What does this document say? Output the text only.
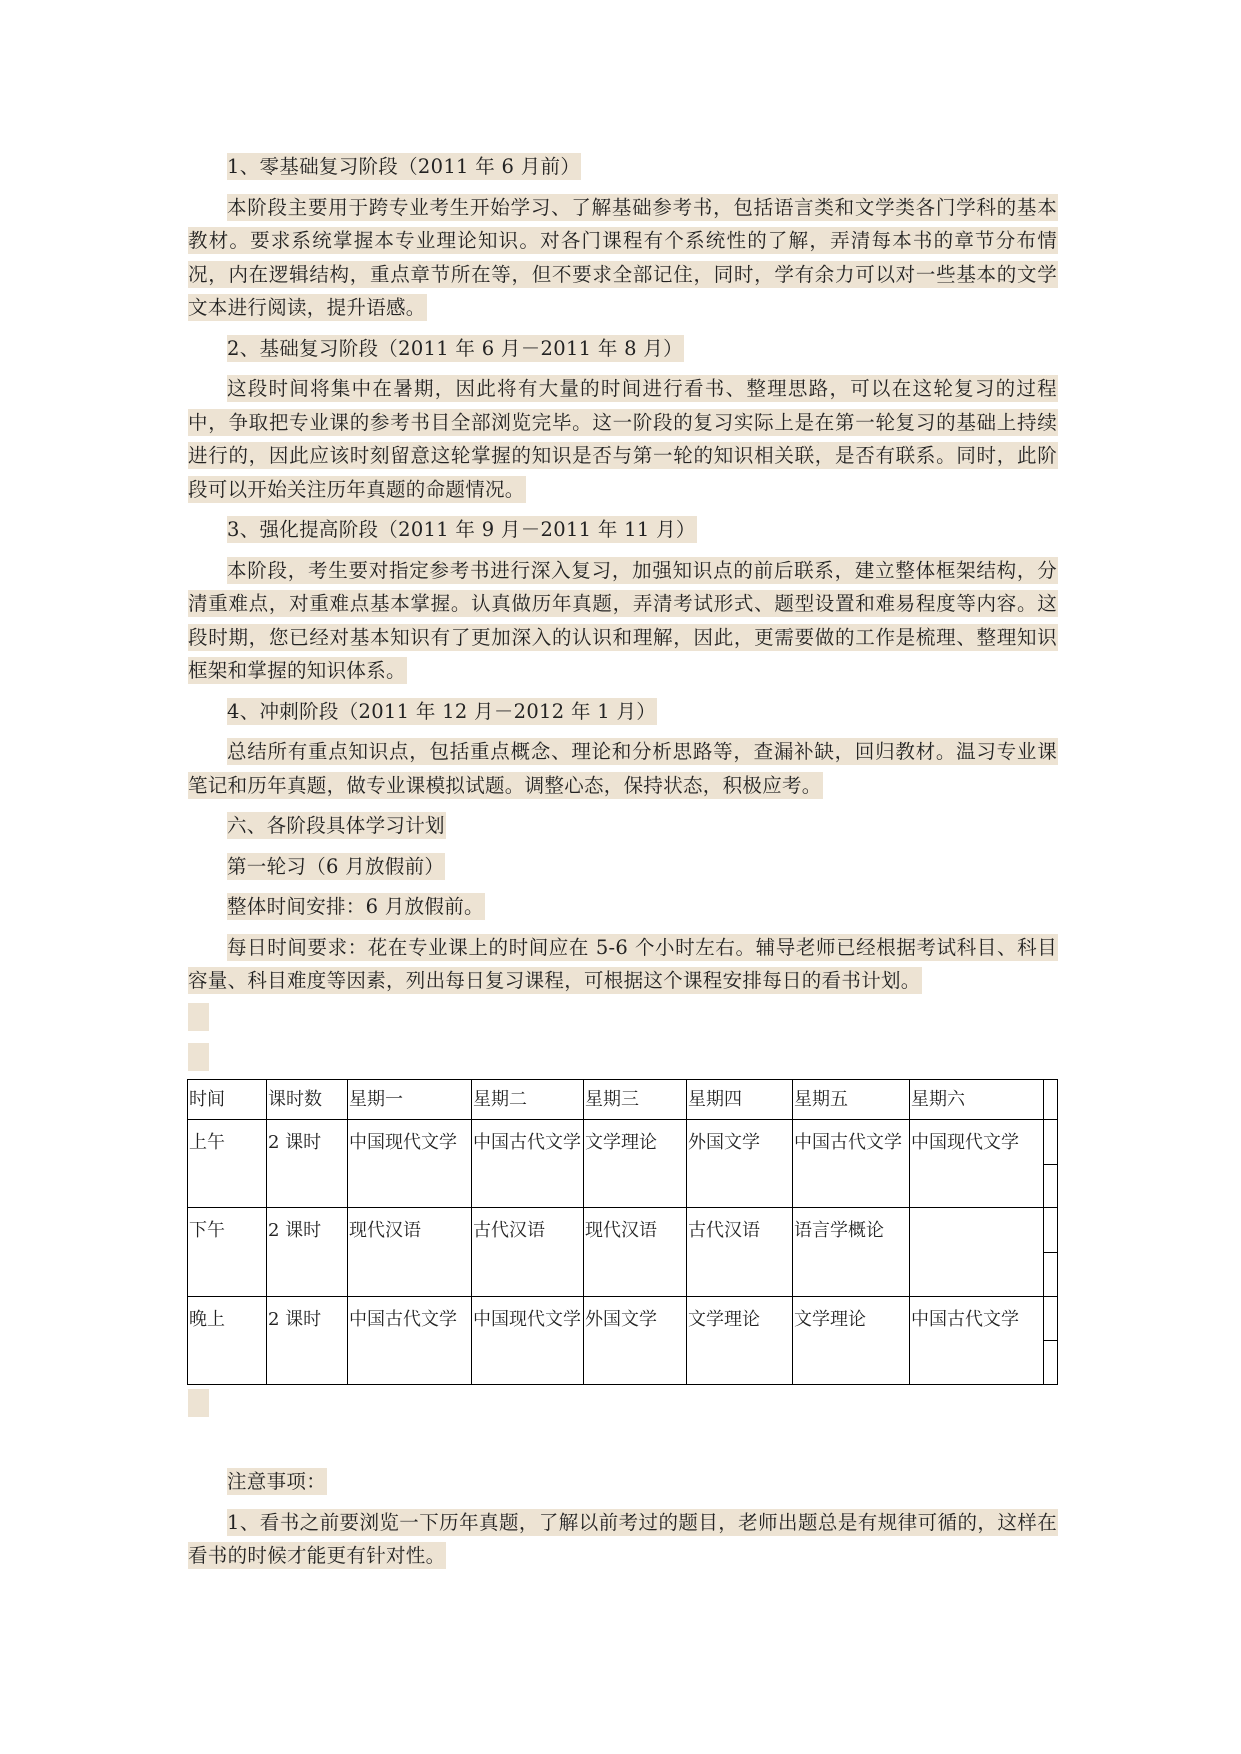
1、零基础复习阶段（2011 年 6 月前）

本阶段主要用于跨专业考生开始学习、了解基础参考书，包括语言类和文学类各门学科的基本教材。要求系统掌握本专业理论知识。对各门课程有个系统性的了解，弄清每本书的章节分布情况，内在逻辑结构，重点章节所在等，但不要求全部记住，同时，学有余力可以对一些基本的文学文本进行阅读，提升语感。

2、基础复习阶段（2011 年 6 月－2011 年 8 月）

这段时间将集中在暑期，因此将有大量的时间进行看书、整理思路，可以在这轮复习的过程中，争取把专业课的参考书目全部浏览完毕。这一阶段的复习实际上是在第一轮复习的基础上持续进行的，因此应该时刻留意这轮掌握的知识是否与第一轮的知识相关联，是否有联系。同时，此阶段可以开始关注历年真题的命题情况。

3、强化提高阶段（2011 年 9 月－2011 年 11 月）

本阶段，考生要对指定参考书进行深入复习，加强知识点的前后联系，建立整体框架结构，分清重难点，对重难点基本掌握。认真做历年真题，弄清考试形式、题型设置和难易程度等内容。这段时期，您已经对基本知识有了更加深入的认识和理解，因此，更需要做的工作是梳理、整理知识框架和掌握的知识体系。

4、冲刺阶段（2011 年 12 月－2012 年 1 月）

总结所有重点知识点，包括重点概念、理论和分析思路等，查漏补缺，回归教材。温习专业课笔记和历年真题，做专业课模拟试题。调整心态，保持状态，积极应考。

六、各阶段具体学习计划

第一轮习（6 月放假前）

整体时间安排：6 月放假前。

每日时间要求：花在专业课上的时间应在 5-6 个小时左右。辅导老师已经根据考试科目、科目容量、科目难度等因素，列出每日复习课程，可根据这个课程安排每日的看书计划。

时间	课时数	星期一	星期二	星期三	星期四	星期五	星期六	
上午	2 课时	中国现代文学	中国古代文学	文学理论	外国文学	中国古代文学	中国现代文学	

下午	2 课时	现代汉语	古代汉语	现代汉语	古代汉语	语言学概论		

晚上	2 课时	中国古代文学	中国现代文学	外国文学	文学理论	文学理论	中国古代文学	

注意事项：

1、看书之前要浏览一下历年真题，了解以前考过的题目，老师出题总是有规律可循的，这样在看书的时候才能更有针对性。
